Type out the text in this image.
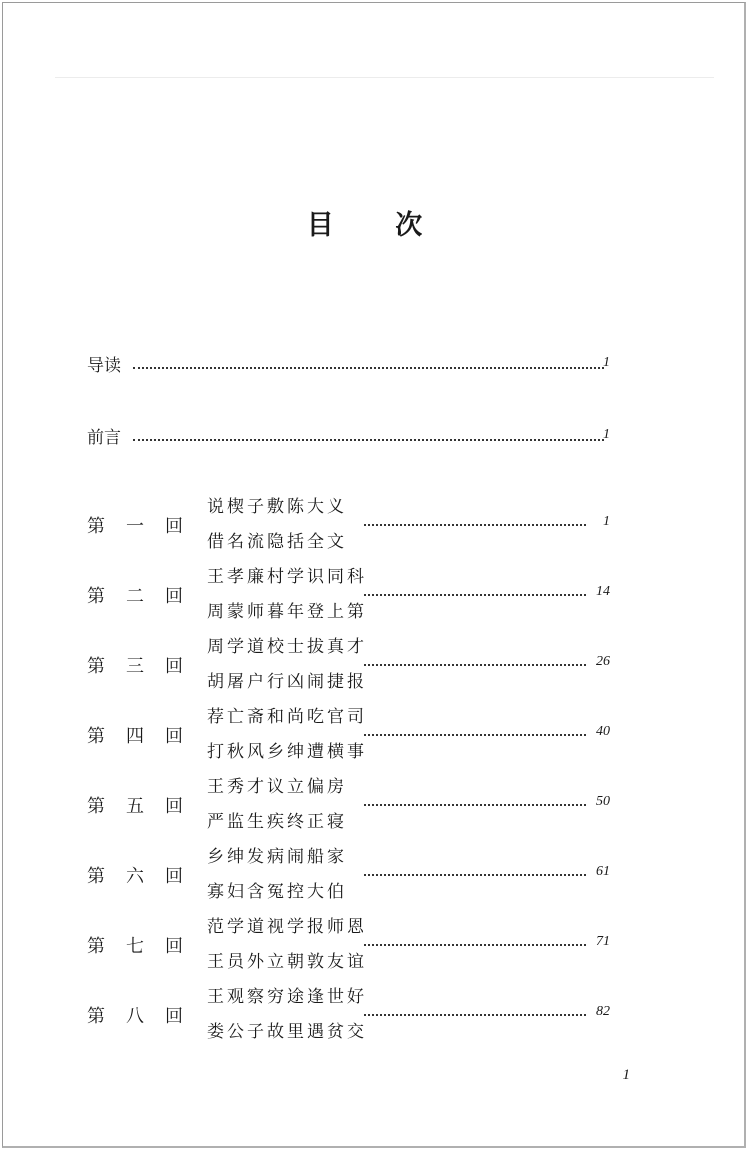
目 次
导读	1
前言	1
第 一 回
说楔子敷陈大义
借名流隐括全文
1
第 二 回
王孝廉村学识同科
周蒙师暮年登上第
14
第 三 回
周学道校士拔真才
胡屠户行凶闹捷报
26
第 四 回
荐亡斋和尚吃官司
打秋风乡绅遭横事
40
第 五 回
王秀才议立偏房
严监生疾终正寝
50
第 六 回
乡绅发病闹船家
寡妇含冤控大伯
61
第 七 回
范学道视学报师恩
王员外立朝敦友谊
71
第 八 回
王观察穷途逢世好
娄公子故里遇贫交
82
1
